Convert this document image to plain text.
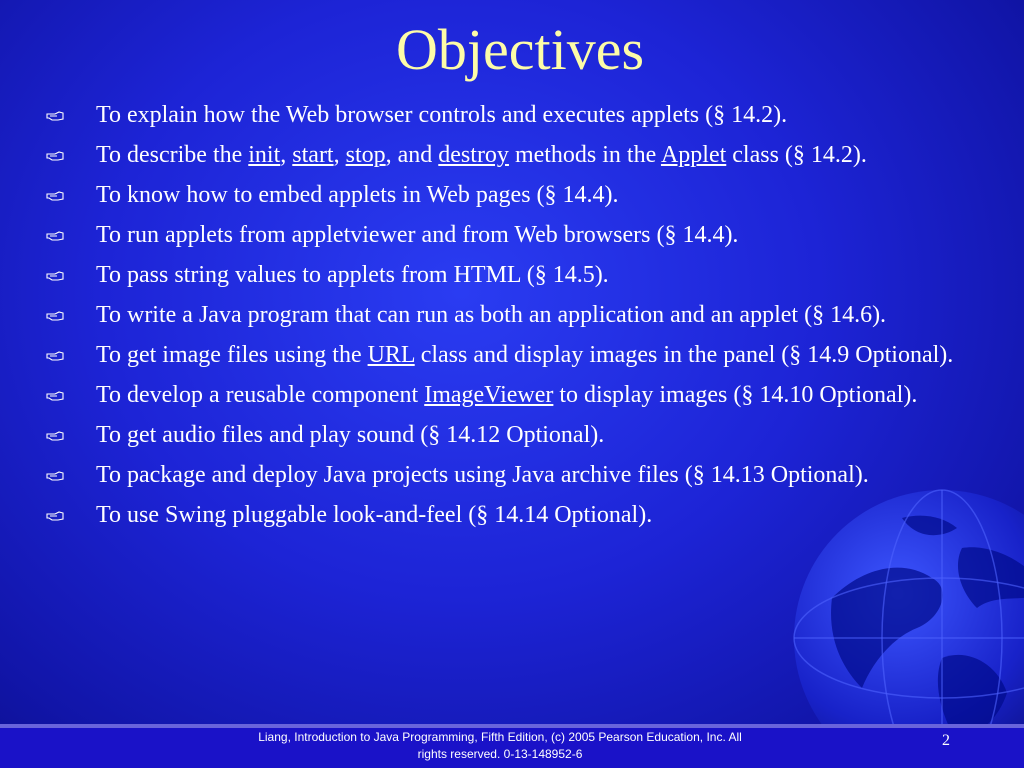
Objectives
To explain how the Web browser controls and executes applets (§ 14.2).
To describe the init, start, stop, and destroy methods in the Applet class (§ 14.2).
To know how to embed applets in Web pages (§ 14.4).
To run applets from appletviewer and from Web browsers (§ 14.4).
To pass string values to applets from HTML (§ 14.5).
To write a Java program that can run as both an application and an applet (§ 14.6).
To get image files using the URL class and display images in the panel (§ 14.9 Optional).
To develop a reusable component ImageViewer to display images (§ 14.10 Optional).
To get audio files and play sound (§ 14.12 Optional).
To package and deploy Java projects using Java archive files (§ 14.13 Optional).
To use Swing pluggable look-and-feel (§ 14.14 Optional).
Liang, Introduction to Java Programming, Fifth Edition, (c) 2005 Pearson Education, Inc. All
rights reserved. 0-13-148952-6
2
